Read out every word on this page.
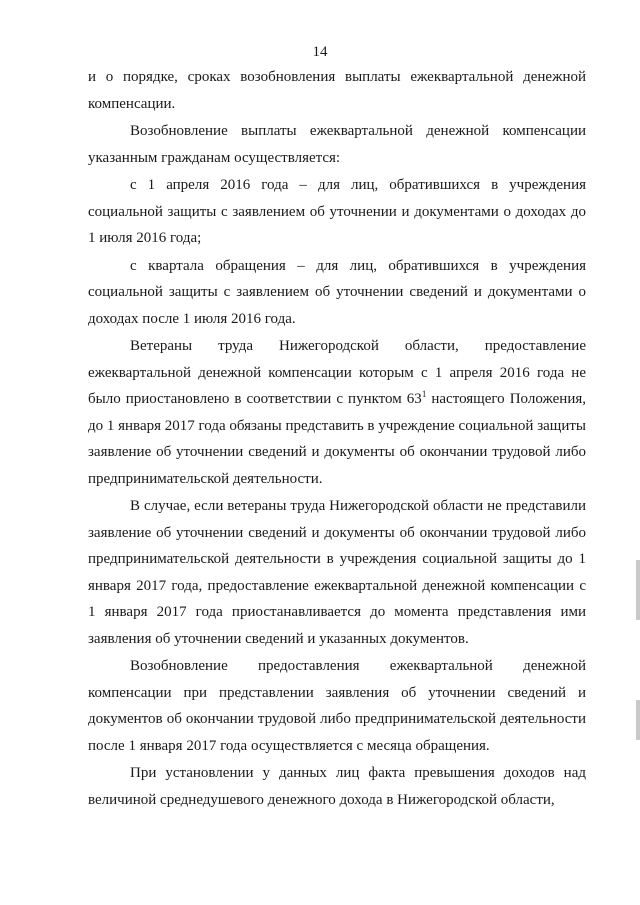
14

и о порядке, сроках возобновления выплаты ежеквартальной денежной компенсации.

Возобновление выплаты ежеквартальной денежной компенсации указанным гражданам осуществляется:

с 1 апреля 2016 года – для лиц, обратившихся в учреждения социальной защиты с заявлением об уточнении и документами о доходах до 1 июля 2016 года;

с квартала обращения – для лиц, обратившихся в учреждения социальной защиты с заявлением об уточнении сведений и документами о доходах после 1 июля 2016 года.

Ветераны труда Нижегородской области, предоставление ежеквартальной денежной компенсации которым с 1 апреля 2016 года не было приостановлено в соответствии с пунктом $63^1$ настоящего Положения, до 1 января 2017 года обязаны представить в учреждение социальной защиты заявление об уточнении сведений и документы об окончании трудовой либо предпринимательской деятельности.

В случае, если ветераны труда Нижегородской области не представили заявление об уточнении сведений и документы об окончании трудовой либо предпринимательской деятельности в учреждения социальной защиты до 1 января 2017 года, предоставление ежеквартальной денежной компенсации с 1 января 2017 года приостанавливается до момента представления ими заявления об уточнении сведений и указанных документов.

Возобновление предоставления ежеквартальной денежной компенсации при представлении заявления об уточнении сведений и документов об окончании трудовой либо предпринимательской деятельности после 1 января 2017 года осуществляется с месяца обращения.

При установлении у данных лиц факта превышения доходов над величиной среднедушевого денежного дохода в Нижегородской области,
